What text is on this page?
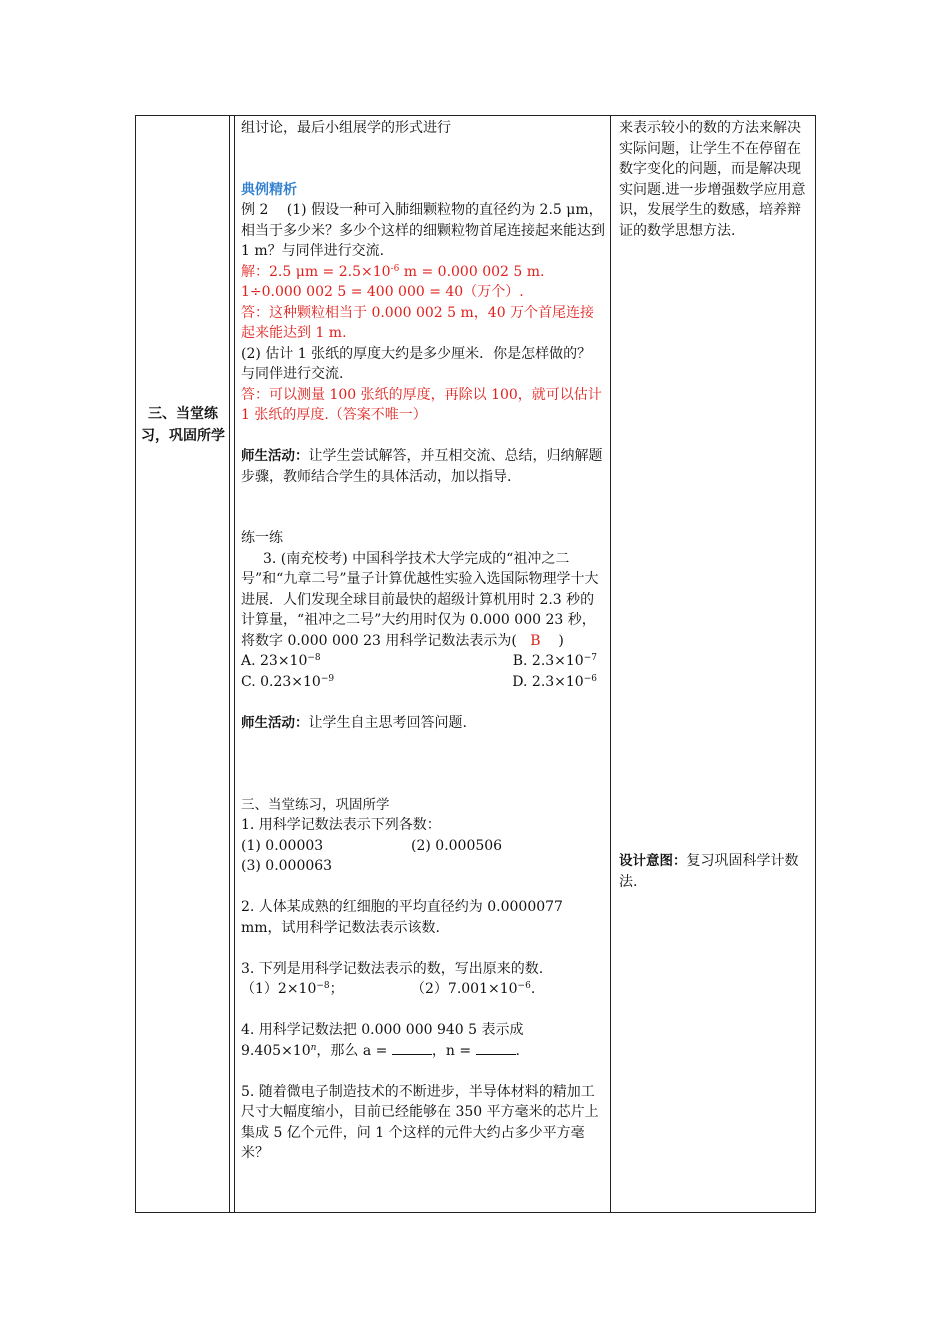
三、当堂练习，巩固所学

组讨论，最后小组展学的形式进行

典例精析

例 2　 (1) 假设一种可入肺细颗粒物的直径约为 2.5 μm，相当于多少米？多少个这样的细颗粒物首尾连接起来能达到 1 m？与同伴进行交流.

解：2.5 $\mu m = 2.5\times 10^{-6}$ m = 0.000 002 5 m.

1÷0.000 002 5 = 400 000 = 40（万个）.

答：这种颗粒相当于 0.000 002 5 m，40 万个首尾连接起来能达到 1 m.

(2) 估计 1 张纸的厚度大约是多少厘米．你是怎样做的？与同伴进行交流.

答：可以测量 100 张纸的厚度，再除以 100，就可以估计 1 张纸的厚度.（答案不唯一）

师生活动：让学生尝试解答，并互相交流、总结，归纳解题步骤，教师结合学生的具体活动，加以指导.

练一练

3. (南充校考) 中国科学技术大学完成的“祖冲之二号”和“九章二号”量子计算优越性实验入选国际物理学十大进展．人们发现全球目前最快的超级计算机用时 2.3 秒的计算量，“祖冲之二号”大约用时仅为 0.000 000 23 秒，将数字 0.000 000 23 用科学记数法表示为( B )

A. $23\times 10^{-8}$	B. $2.3\times 10^{-7}$
C. $0.23\times 10^{-9}$	D. $2.3\times 10^{-6}$

师生活动：让学生自主思考回答问题.

三、当堂练习，巩固所学

1. 用科学记数法表示下列各数：

(1) 0.00003	(2) 0.000506

(3) 0.000063

2. 人体某成熟的红细胞的平均直径约为 0.0000077 mm，试用科学记数法表示该数.

3. 下列是用科学记数法表示的数，写出原来的数.

$(1)2\times 10^{-8}$；	$(2)7.001\times 10^{-6}$.

4. 用科学记数法把 0.000 000 940 5 表示成

$9.405\times 10^n$，那么 a =	，n =	.

5. 随着微电子制造技术的不断进步，半导体材料的精加工尺寸大幅度缩小，目前已经能够在 350 平方毫米的芯片上集成 5 亿个元件，问 1 个这样的元件大约占多少平方毫米？

来表示较小的数的方法来解决实际问题，让学生不在停留在数字变化的问题，而是解决现实问题.进一步增强数学应用意识，发展学生的数感，培养辩证的数学思想方法.
设计意图：复习巩固科学计数法.
